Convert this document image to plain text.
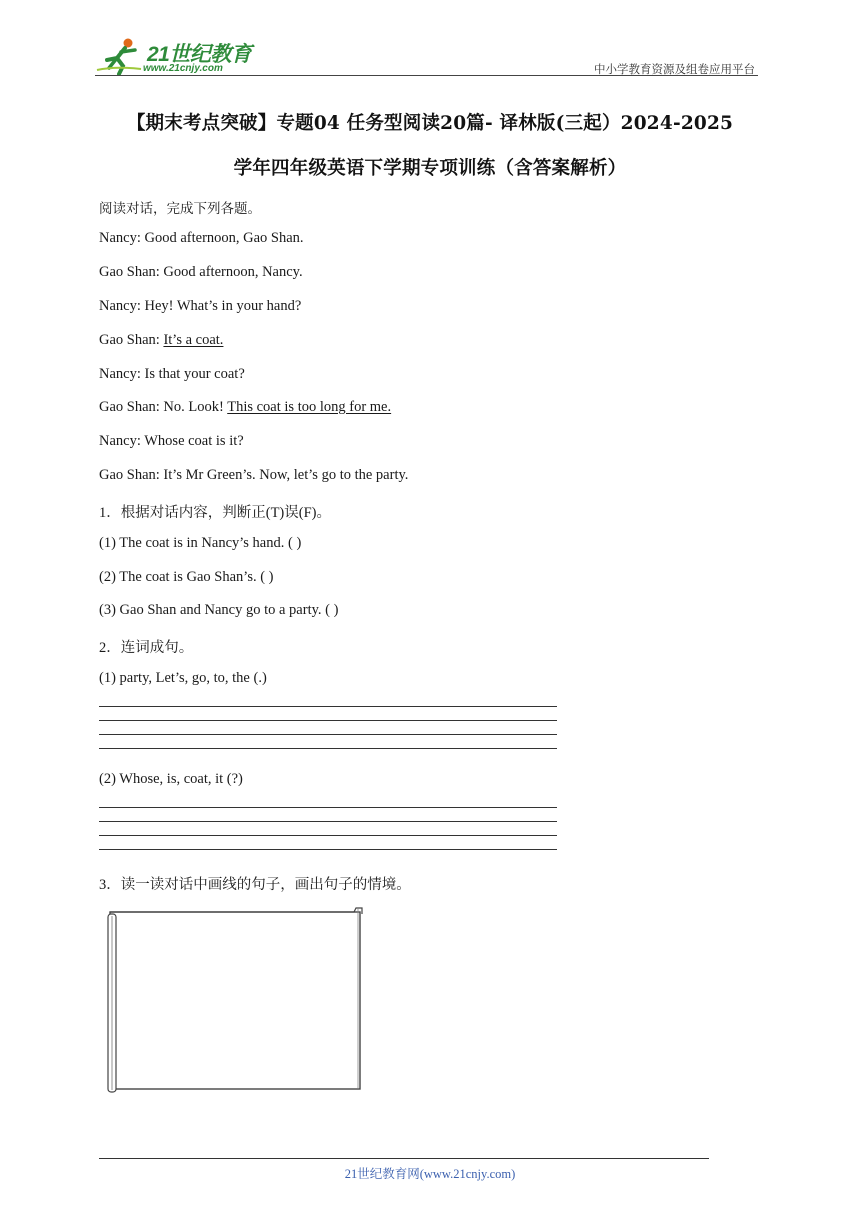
21世纪教育
www.21cnjy.com	中小学教育资源及组卷应用平台
【期末考点突破】专题04 任务型阅读20篇- 译林版(三起）2024-2025
学年四年级英语下学期专项训练（含答案解析）
阅读对话，完成下列各题。
Nancy: Good afternoon, Gao Shan.
Gao Shan: Good afternoon, Nancy.
Nancy: Hey! What’s in your hand?
Gao Shan: It’s a coat.
Nancy: Is that your coat?
Gao Shan: No. Look! This coat is too long for me.
Nancy: Whose coat is it?
Gao Shan: It’s Mr Green’s. Now, let’s go to the party.
1．根据对话内容，判断正(T)误(F)。
(1) The coat is in Nancy’s hand. ( )
(2) The coat is Gao Shan’s. ( )
(3) Gao Shan and Nancy go to a party. ( )
2．连词成句。
(1) party, Let’s, go, to, the (.)
(2) Whose, is, coat, it (?)
3．读一读对话中画线的句子，画出句子的情境。
21世纪教育网(www.21cnjy.com)
